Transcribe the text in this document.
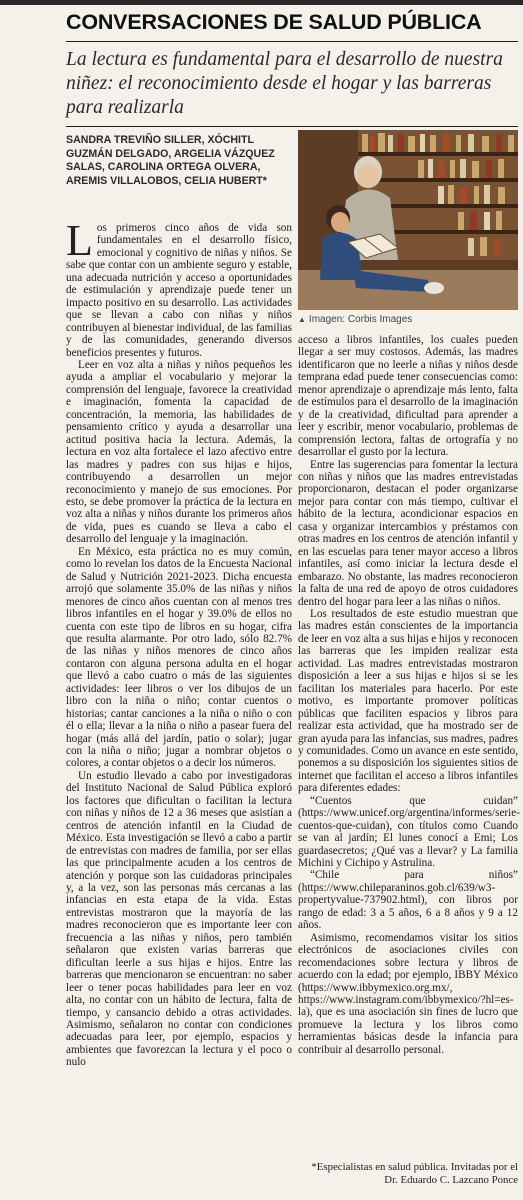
CONVERSACIONES DE SALUD PÚBLICA
La lectura es fundamental para el desarrollo de nuestra niñez: el reconocimiento desde el hogar y las barreras para realizarla
SANDRA TREVIÑO SILLER, XÓCHITL GUZMÁN DELGADO, ARGELIA VÁZQUEZ SALAS, CAROLINA ORTEGA OLVERA, AREMIS VILLALOBOS, CELIA HUBERT*
▲ Imagen: Corbis Images

Los primeros cinco años de vida son fundamentales en el desarrollo físico, emocional y cognitivo de niñas y niños. Se sabe que contar con un ambiente seguro y estable, una adecuada nutrición y acceso a oportunidades de estimulación y aprendizaje puede tener un impacto positivo en su desarrollo. Las actividades que se llevan a cabo con niñas y niños contribuyen al bienestar individual, de las familias y de las comunidades, generando diversos beneficios presentes y futuros.

Leer en voz alta a niñas y niños pequeños les ayuda a ampliar el vocabulario y mejorar la comprensión del lenguaje, favorece la creatividad e imaginación, fomenta la capacidad de concentración, la memoria, las habilidades de pensamiento crítico y ayuda a desarrollar una actitud positiva hacia la lectura. Además, la lectura en voz alta fortalece el lazo afectivo entre las madres y padres con sus hijas e hijos, contribuyendo a desarrollen un mejor reconocimiento y manejo de sus emociones. Por esto, se debe promover la práctica de la lectura en voz alta a niñas y niños durante los primeros años de vida, pues es cuando se lleva a cabo el desarrollo del lenguaje y la imaginación.

En México, esta práctica no es muy común, como lo revelan los datos de la Encuesta Nacional de Salud y Nutrición 2021-2023. Dicha encuesta arrojó que solamente 35.0% de las niñas y niños menores de cinco años cuentan con al menos tres libros infantiles en el hogar y 39.0% de ellos no cuenta con este tipo de libros en su hogar, cifra que resulta alarmante. Por otro lado, sólo 82.7% de las niñas y niños menores de cinco años contaron con alguna persona adulta en el hogar que llevó a cabo cuatro o más de las siguientes actividades: leer libros o ver los dibujos de un libro con la niña o niño; contar cuentos o historias; cantar canciones a la niña o niño o con él o ella; llevar a la niña o niño a pasear fuera del hogar (más allá del jardín, patio o solar); jugar con la niña o niño; jugar a nombrar objetos o colores, a contar objetos o a decir los números.

Un estudio llevado a cabo por investigadoras del Instituto Nacional de Salud Pública exploró los factores que dificultan o facilitan la lectura con niñas y niños de 12 a 36 meses que asistían a centros de atención infantil en la Ciudad de México. Esta investigación se llevó a cabo a partir de entrevistas con madres de familia, por ser ellas las que principalmente acuden a los centros de atención y porque son las cuidadoras principales y, a la vez, son las personas más cercanas a las infancias en esta etapa de la vida. Estas entrevistas mostraron que la mayoría de las madres reconocieron que es importante leer con frecuencia a las niñas y niños, pero también señalaron que existen varias barreras que dificultan leerle a sus hijas e hijos. Entre las barreras que mencionaron se encuentran: no saber leer o tener pocas habilidades para leer en voz alta, no contar con un hábito de lectura, falta de tiempo, y cansancio debido a otras actividades. Asimismo, señalaron no contar con condiciones adecuadas para leer, por ejemplo, espacios y ambientes que favorezcan la lectura y el poco o nulo

acceso a libros infantiles, los cuales pueden llegar a ser muy costosos. Además, las madres identificaron que no leerle a niñas y niños desde temprana edad puede tener consecuencias como: menor aprendizaje o aprendizaje más lento, falta de estímulos para el desarrollo de la imaginación y de la creatividad, dificultad para aprender a leer y escribir, menor vocabulario, problemas de comprensión lectora, faltas de ortografía y no desarrollar el gusto por la lectura.

Entre las sugerencias para fomentar la lectura con niñas y niños que las madres entrevistadas proporcionaron, destacan el poder organizarse mejor para contar con más tiempo, cultivar el hábito de la lectura, acondicionar espacios en casa y organizar intercambios y préstamos con otras madres en los centros de atención infantil y en las escuelas para tener mayor acceso a libros infantiles, así como iniciar la lectura desde el embarazo. No obstante, las madres reconocieron la falta de una red de apoyo de otros cuidadores dentro del hogar para leer a las niñas o niños.

Los resultados de este estudio muestran que las madres están conscientes de la importancia de leer en voz alta a sus hijas e hijos y reconocen las barreras que les impiden realizar esta actividad. Las madres entrevistadas mostraron disposición a leer a sus hijas e hijos si se les facilitan los materiales para hacerlo. Por este motivo, es importante promover políticas públicas que faciliten espacios y libros para realizar esta actividad, que ha mostrado ser de gran ayuda para las infancias, sus madres, padres y comunidades. Como un avance en este sentido, ponemos a su disposición los siguientes sitios de internet que facilitan el acceso a libros infantiles para diferentes edades:

“Cuentos que cuidan” (https://www.unicef.org/argentina/informes/serie-cuentos-que-cuidan), con títulos como Cuando se van al jardín; El lunes conocí a Emi; Los guardasecretos; ¿Qué vas a llevar? y La familia Michini y Cichipo y Astrulina.

“Chile para niños” (https://www.chileparaninos.gob.cl/639/w3-propertyvalue-737902.html), con libros por rango de edad: 3 a 5 años, 6 a 8 años y 9 a 12 años.

Asimismo, recomendamos visitar los sitios electrónicos de asociaciones civiles con recomendaciones sobre lectura y libros de acuerdo con la edad; por ejemplo, IBBY México (https://www.ibbymexico.org.mx/, https://www.instagram.com/ibbymexico/?hl=es-la), que es una asociación sin fines de lucro que promueve la lectura y los libros como herramientas básicas desde la infancia para contribuir al desarrollo personal.

*Especialistas en salud pública. Invitadas por el Dr. Eduardo C. Lazcano Ponce
